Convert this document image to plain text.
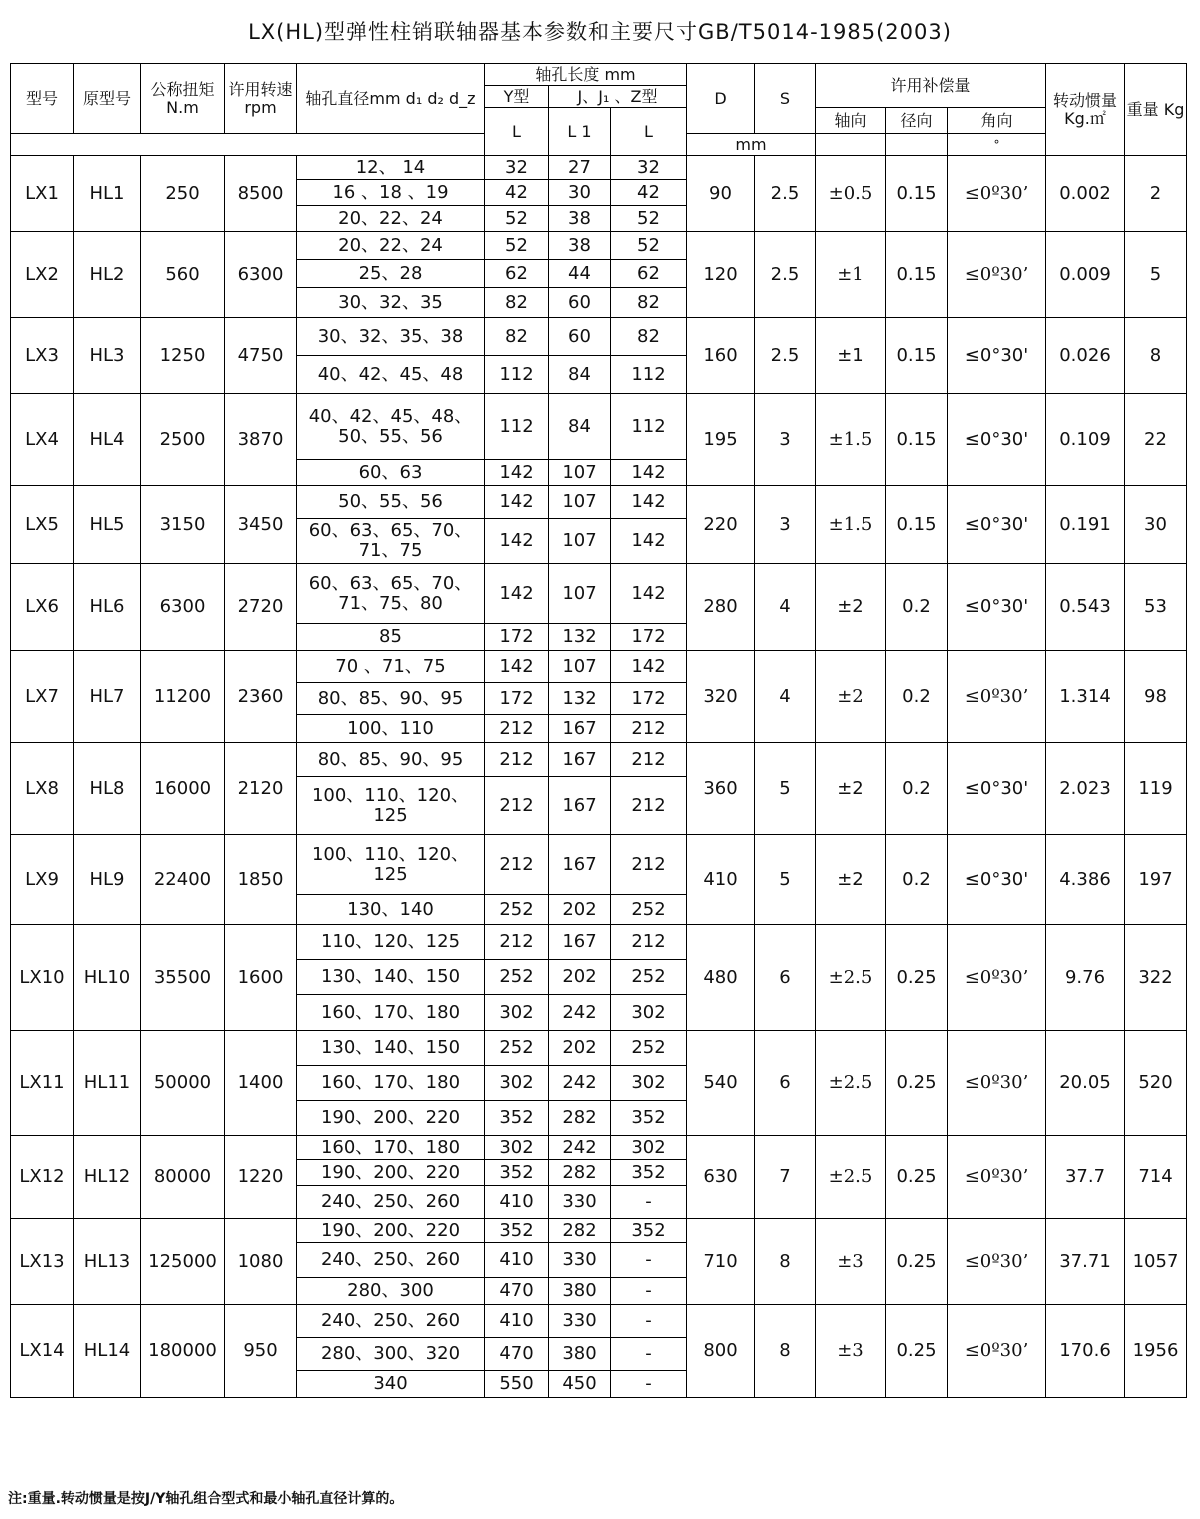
LX(HL)型弹性柱销联轴器基本参数和主要尺寸GB/T5014-1985(2003)
型号	原型号	公称扭矩 N.m	许用转速 rpm	轴孔直径mm d₁ d₂ d_z	轴孔长度 mm			D	S	许用补偿量			转动惯量 Kg.㎡	重量 Kg
					Y型	J、J₁ 、Z型								
					L	L 1	L			轴向	径向	角向		
								mm				°		
LX1	HL1	250	8500	12、 14	32	27	32	90	2.5	±0.5	0.15	≤0º30’	0.002	2
				16 、18 、19	42	30	42							
				20、22、24	52	38	52							
LX2	HL2	560	6300	20、22、24	52	38	52	120	2.5	±1	0.15	≤0º30’	0.009	5
				25、28	62	44	62							
				30、32、35	82	60	82							
LX3	HL3	1250	4750	30、32、35、38	82	60	82	160	2.5	±1	0.15	≤0°30'	0.026	8
				40、42、45、48	112	84	112							
LX4	HL4	2500	3870	40、42、45、48、 50、55、56	112	84	112	195	3	±1.5	0.15	≤0°30'	0.109	22
				60、63	142	107	142							
LX5	HL5	3150	3450	50、55、56	142	107	142	220	3	±1.5	0.15	≤0°30'	0.191	30
				60、63、65、70、 71、75	142	107	142							
LX6	HL6	6300	2720	60、63、65、70、 71、75、80	142	107	142	280	4	±2	0.2	≤0°30'	0.543	53
				85	172	132	172							
LX7	HL7	11200	2360	70 、71、75	142	107	142	320	4	±2	0.2	≤0º30’	1.314	98
				80、85、90、95	172	132	172							
				100、110	212	167	212							
LX8	HL8	16000	2120	80、85、90、95	212	167	212	360	5	±2	0.2	≤0°30'	2.023	119
				100、110、120、 125	212	167	212							
LX9	HL9	22400	1850	100、110、120、 125	212	167	212	410	5	±2	0.2	≤0°30'	4.386	197
				130、140	252	202	252							
LX10	HL10	35500	1600	110、120、125	212	167	212	480	6	±2.5	0.25	≤0º30’	9.76	322
				130、140、150	252	202	252							
				160、170、180	302	242	302							
LX11	HL11	50000	1400	130、140、150	252	202	252	540	6	±2.5	0.25	≤0º30’	20.05	520
				160、170、180	302	242	302							
				190、200、220	352	282	352							
LX12	HL12	80000	1220	160、170、180	302	242	302	630	7	±2.5	0.25	≤0º30’	37.7	714
				190、200、220	352	282	352							
				240、250、260	410	330	-							
LX13	HL13	125000	1080	190、200、220	352	282	352	710	8	±3	0.25	≤0º30’	37.71	1057
				240、250、260	410	330	-							
				280、300	470	380	-							
LX14	HL14	180000	950	240、250、260	410	330	-	800	8	±3	0.25	≤0º30’	170.6	1956
				280、300、320	470	380	-							
				340	550	450	-							
注:重量.转动惯量是按J/Y轴孔组合型式和最小轴孔直径计算的。
